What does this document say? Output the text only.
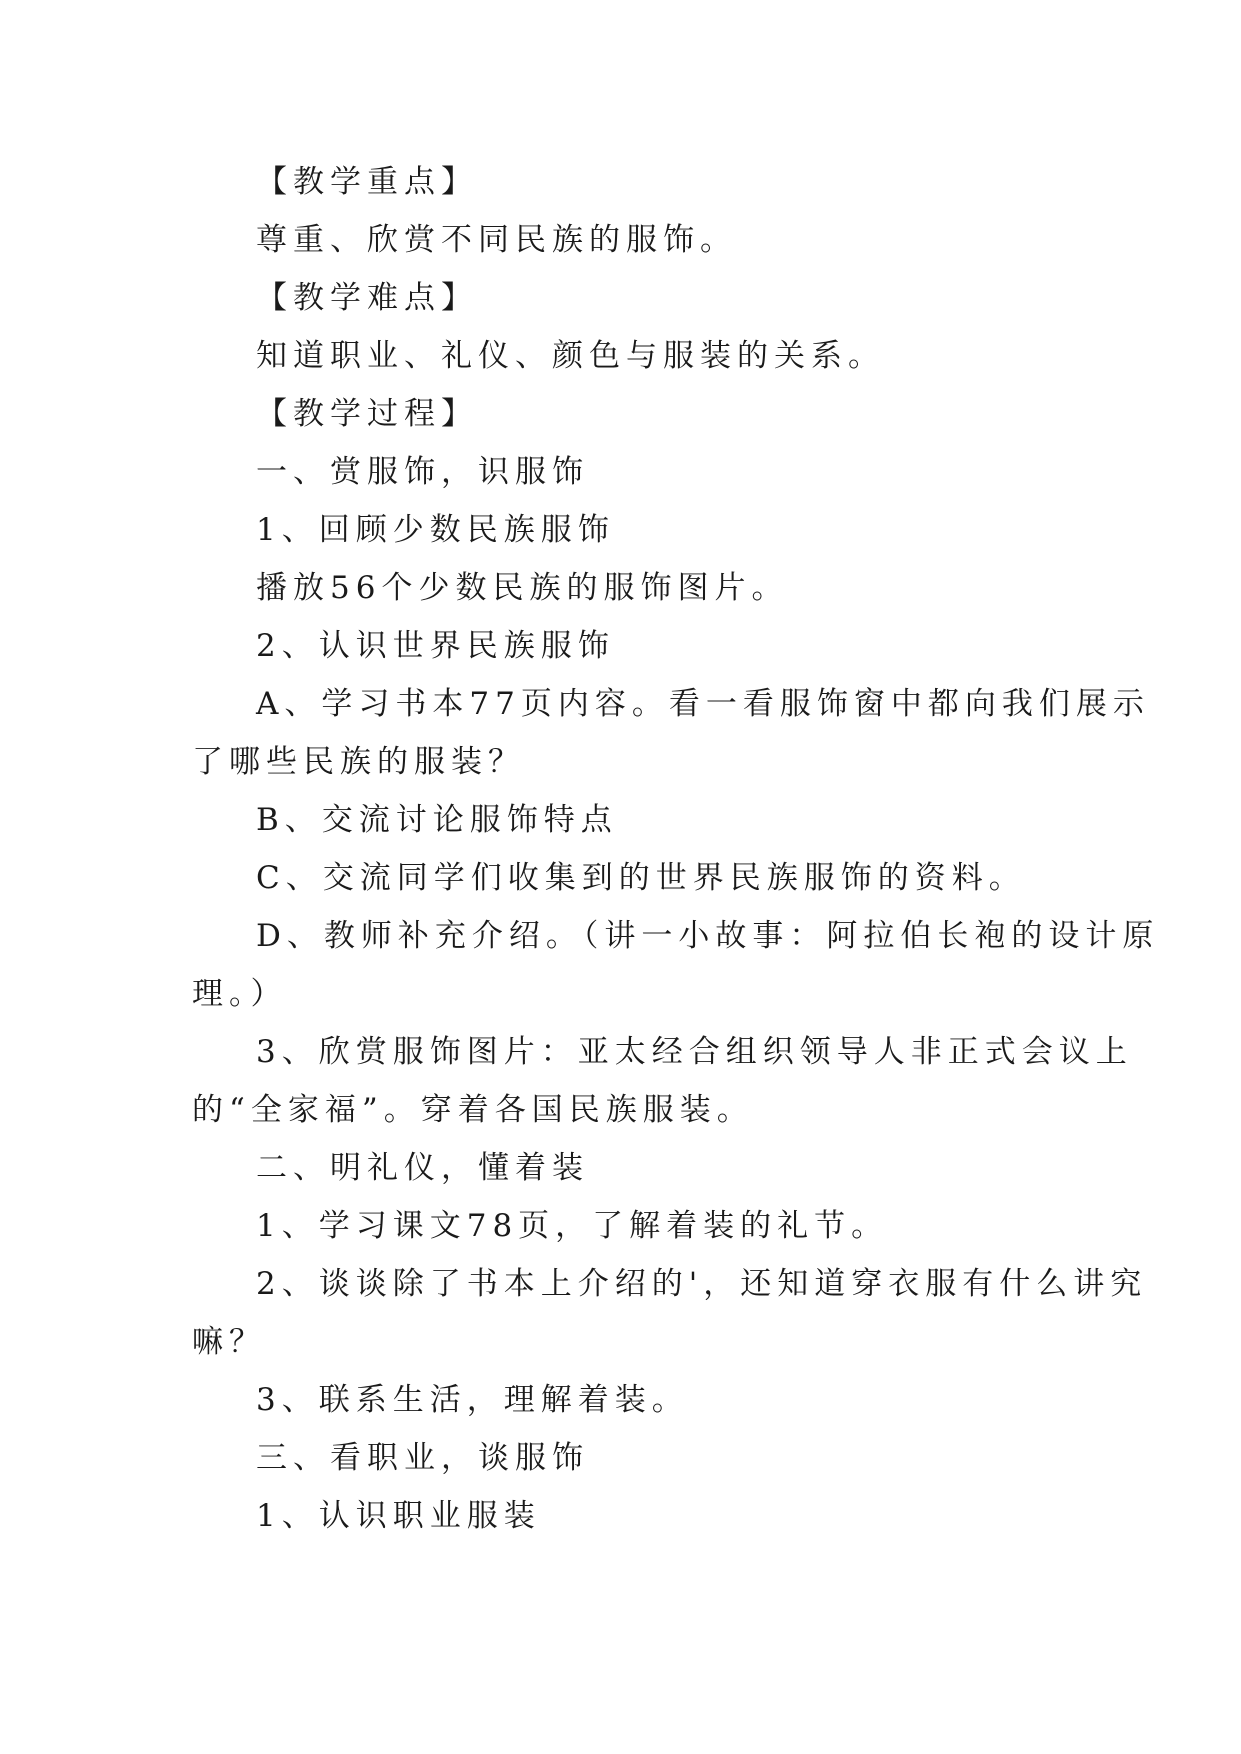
【教学重点】
尊重、欣赏不同民族的服饰。
【教学难点】
知道职业、礼仪、颜色与服装的关系。
【教学过程】
一、赏服饰，识服饰
1、回顾少数民族服饰
播放56个少数民族的服饰图片。
2、认识世界民族服饰
A、学习书本77页内容。看一看服饰窗中都向我们展示
了哪些民族的服装？
B、交流讨论服饰特点
C、交流同学们收集到的世界民族服饰的资料。
D、教师补充介绍。（讲一小故事：阿拉伯长袍的设计原
理。）
3、欣赏服饰图片：亚太经合组织领导人非正式会议上
的“全家福”。穿着各国民族服装。
二、明礼仪，懂着装
1、学习课文78页，了解着装的礼节。
2、谈谈除了书本上介绍的'，还知道穿衣服有什么讲究
嘛？
3、联系生活，理解着装。
三、看职业，谈服饰
1、认识职业服装
